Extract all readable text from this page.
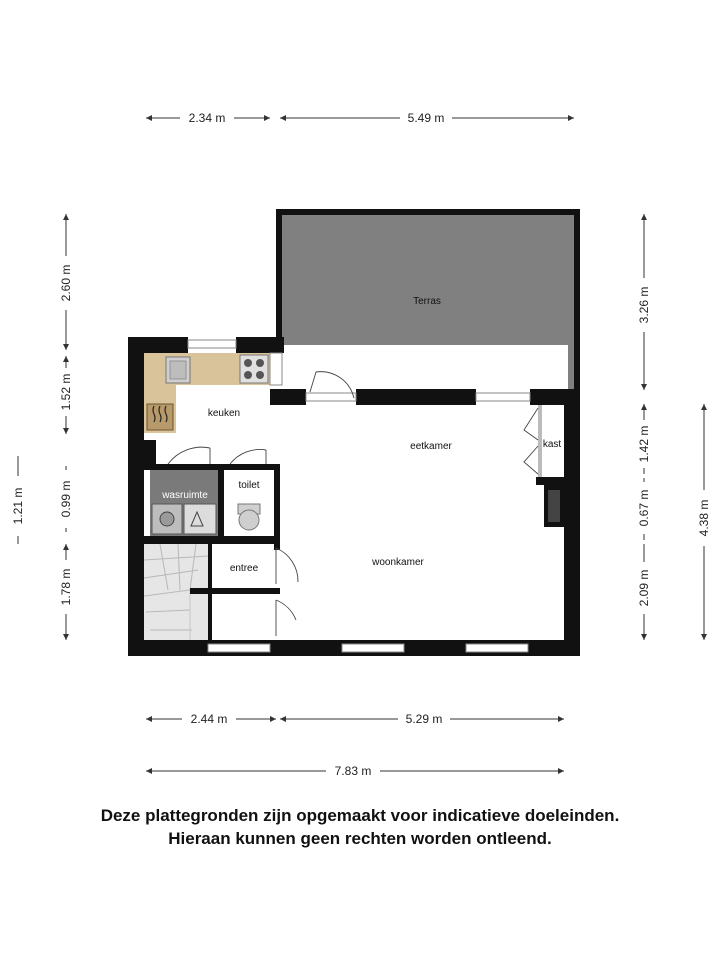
Terras
keuken
eetkamer	kast
wasruimte
toilet
entree
woonkamer
2.34 m	5.49 m
2.44 m	5.29 m
7.83 m
2.60 m
1.52 m
0.99 m
1.21 m
1.78 m
3.26 m
1.42 m
0.67 m
2.09 m
4.38 m
Deze plattegronden zijn opgemaakt voor indicatieve doeleinden.
Hieraan kunnen geen rechten worden ontleend.
